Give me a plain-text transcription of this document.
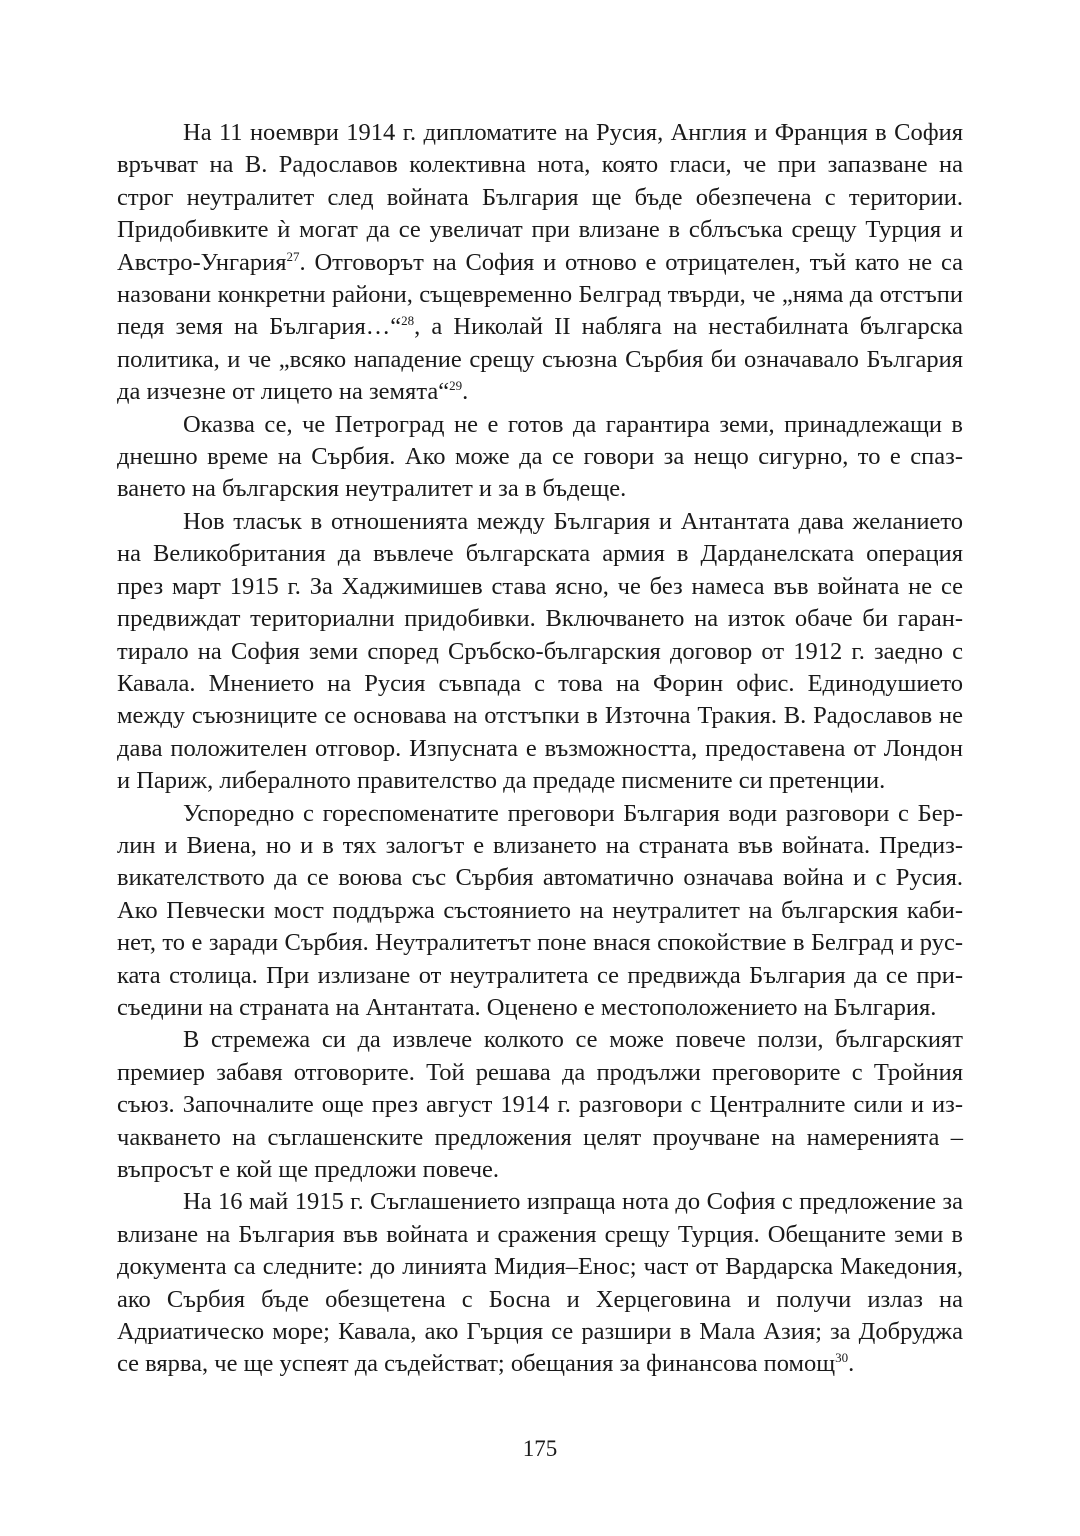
На 11 ноември 1914 г. дипломатите на Русия, Англия и Франция в София връчват на В. Радославов колективна нота, която гласи, че при запазване на строг неутралитет след войната България ще бъде обезпечена с територии. Придобивките ѝ могат да се увеличат при влизане в сблъсъка срещу Турция и Австро-Унгария$^{27}$. Отговорът на София и отново е отрицателен, тъй като не са назовани конкретни райони, същевременно Белград твърди, че „няма да отстъпи педя земя на България…“$^{28}$, а Николай II набляга на нестабилната българска политика, и че „всяко нападение срещу съюзна Сърбия би означавало България да изчезне от лицето на земята“$^{29}$.

Оказва се, че Петроград не е готов да гарантира земи, принадлежащи в днешно време на Сърбия. Ако може да се говори за нещо сигурно, то е спазването на българския неутралитет и за в бъдеще.

Нов тласък в отношенията между България и Антантата дава желанието на Великобритания да въвлече българската армия в Дарданелската операция през март 1915 г. За Хаджимишев става ясно, че без намеса във войната не се предвиждат териториални придобивки. Включването на изток обаче би гарантирало на София земи според Сръбско-българския договор от 1912 г. заедно с Кавала. Мнението на Русия съвпада с това на Форин офис. Единодушието между съюзниците се основава на отстъпки в Източна Тракия. В. Радославов не дава положителен отговор. Изпусната е възможността, предоставена от Лондон и Париж, либералното правителство да предаде писмените си претенции.

Успоредно с гореспоменатите преговори България води разговори с Берлин и Виена, но и в тях залогът е влизането на страната във войната. Предизвикателството да се воюва със Сърбия автоматично означава война и с Русия. Ако Певчески мост поддържа състоянието на неутралитет на българския кабинет, то е заради Сърбия. Неутралитетът поне внася спокойствие в Белград и руската столица. При излизане от неутралитета се предвижда България да се присъедини на страната на Антантата. Оценено е местоположението на България.

В стремежа си да извлече колкото се може повече ползи, българският премиер забавя отговорите. Той решава да продължи преговорите с Тройния съюз. Започналите още през август 1914 г. разговори с Централните сили и изчакването на съглашенските предложения целят проучване на намеренията – въпросът е кой ще предложи повече.

На 16 май 1915 г. Съглашението изпраща нота до София с предложение за влизане на България във войната и сражения срещу Турция. Обещаните земи в документа са следните: до линията Мидия–Енос; част от Вардарска Македония, ако Сърбия бъде обезщетена с Босна и Херцеговина и получи излаз на Адриатическо море; Кавала, ако Гърция се разшири в Мала Азия; за Добруджа се вярва, че ще успеят да съдействат; обещания за финансова помощ$^{30}$.

175
